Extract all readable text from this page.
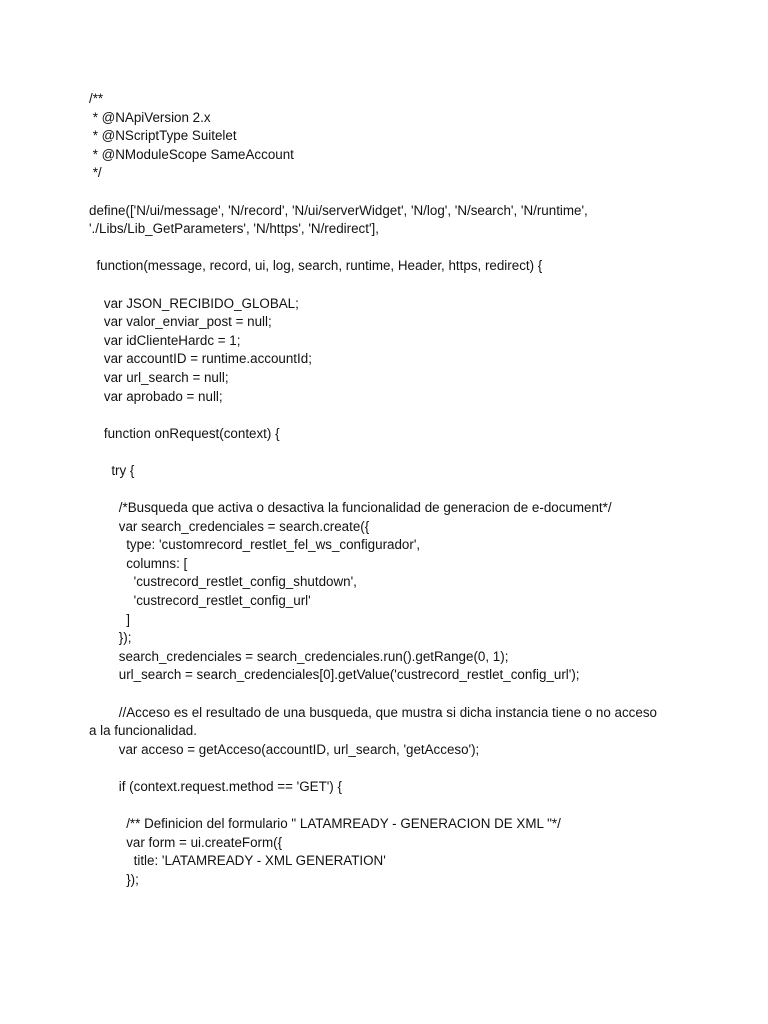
/**
* @NApiVersion 2.x
* @NScriptType Suitelet
* @NModuleScope SameAccount
*/
define(['N/ui/message', 'N/record', 'N/ui/serverWidget', 'N/log', 'N/search', 'N/runtime',
'./Libs/Lib_GetParameters', 'N/https', 'N/redirect'],
function(message, record, ui, log, search, runtime, Header, https, redirect) {
var JSON_RECIBIDO_GLOBAL;
var valor_enviar_post = null;
var idClienteHardc = 1;
var accountID = runtime.accountId;
var url_search = null;
var aprobado = null;
function onRequest(context) {
try {
/*Busqueda que activa o desactiva la funcionalidad de generacion de e-document*/
var search_credenciales = search.create({
type: 'customrecord_restlet_fel_ws_configurador',
columns: [
'custrecord_restlet_config_shutdown',
'custrecord_restlet_config_url'
]
});
search_credenciales = search_credenciales.run().getRange(0, 1);
url_search = search_credenciales[0].getValue('custrecord_restlet_config_url');
//Acceso es el resultado de una busqueda, que mustra si dicha instancia tiene o no acceso
a la funcionalidad.
var acceso = getAcceso(accountID, url_search, 'getAcceso');
if (context.request.method == 'GET') {
/** Definicion del formulario " LATAMREADY - GENERACION DE XML "*/
var form = ui.createForm({
title: 'LATAMREADY - XML GENERATION'
});
